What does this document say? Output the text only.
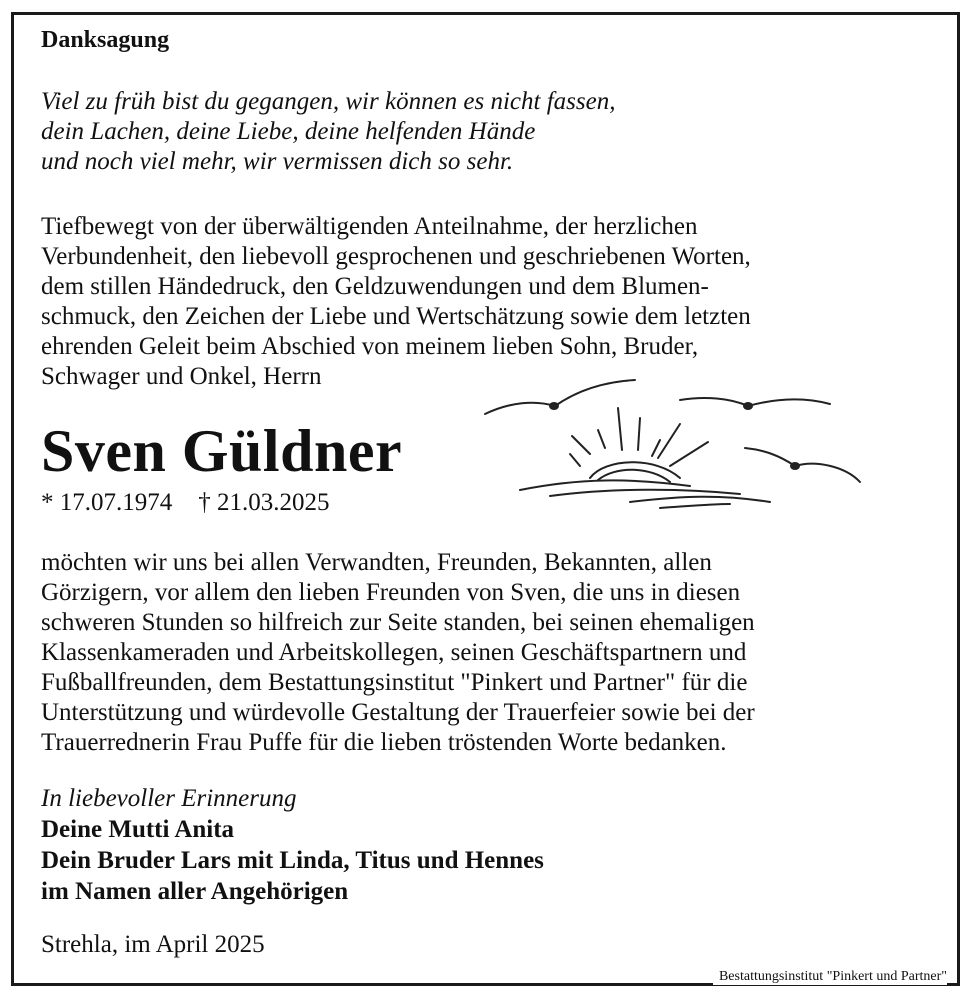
Danksagung
Viel zu früh bist du gegangen, wir können es nicht fassen,
dein Lachen, deine Liebe, deine helfenden Hände
und noch viel mehr, wir vermissen dich so sehr.
Tiefbewegt von der überwältigenden Anteilnahme, der herzlichen
Verbundenheit, den liebevoll gesprochenen und geschriebenen Worten,
dem stillen Händedruck, den Geldzuwendungen und dem Blumen-
schmuck, den Zeichen der Liebe und Wertschätzung sowie dem letzten
ehrenden Geleit beim Abschied von meinem lieben Sohn, Bruder,
Schwager und Onkel, Herrn
Sven Güldner
* 17.07.1974 † 21.03.2025
möchten wir uns bei allen Verwandten, Freunden, Bekannten, allen
Görzigern, vor allem den lieben Freunden von Sven, die uns in diesen
schweren Stunden so hilfreich zur Seite standen, bei seinen ehemaligen
Klassenkameraden und Arbeitskollegen, seinen Geschäftspartnern und
Fußballfreunden, dem Bestattungsinstitut "Pinkert und Partner" für die
Unterstützung und würdevolle Gestaltung der Trauerfeier sowie bei der
Trauerrednerin Frau Puffe für die lieben tröstenden Worte bedanken.
In liebevoller Erinnerung
Deine Mutti Anita
Dein Bruder Lars mit Linda, Titus und Hennes
im Namen aller Angehörigen
Strehla, im April 2025
Bestattungsinstitut "Pinkert und Partner"
